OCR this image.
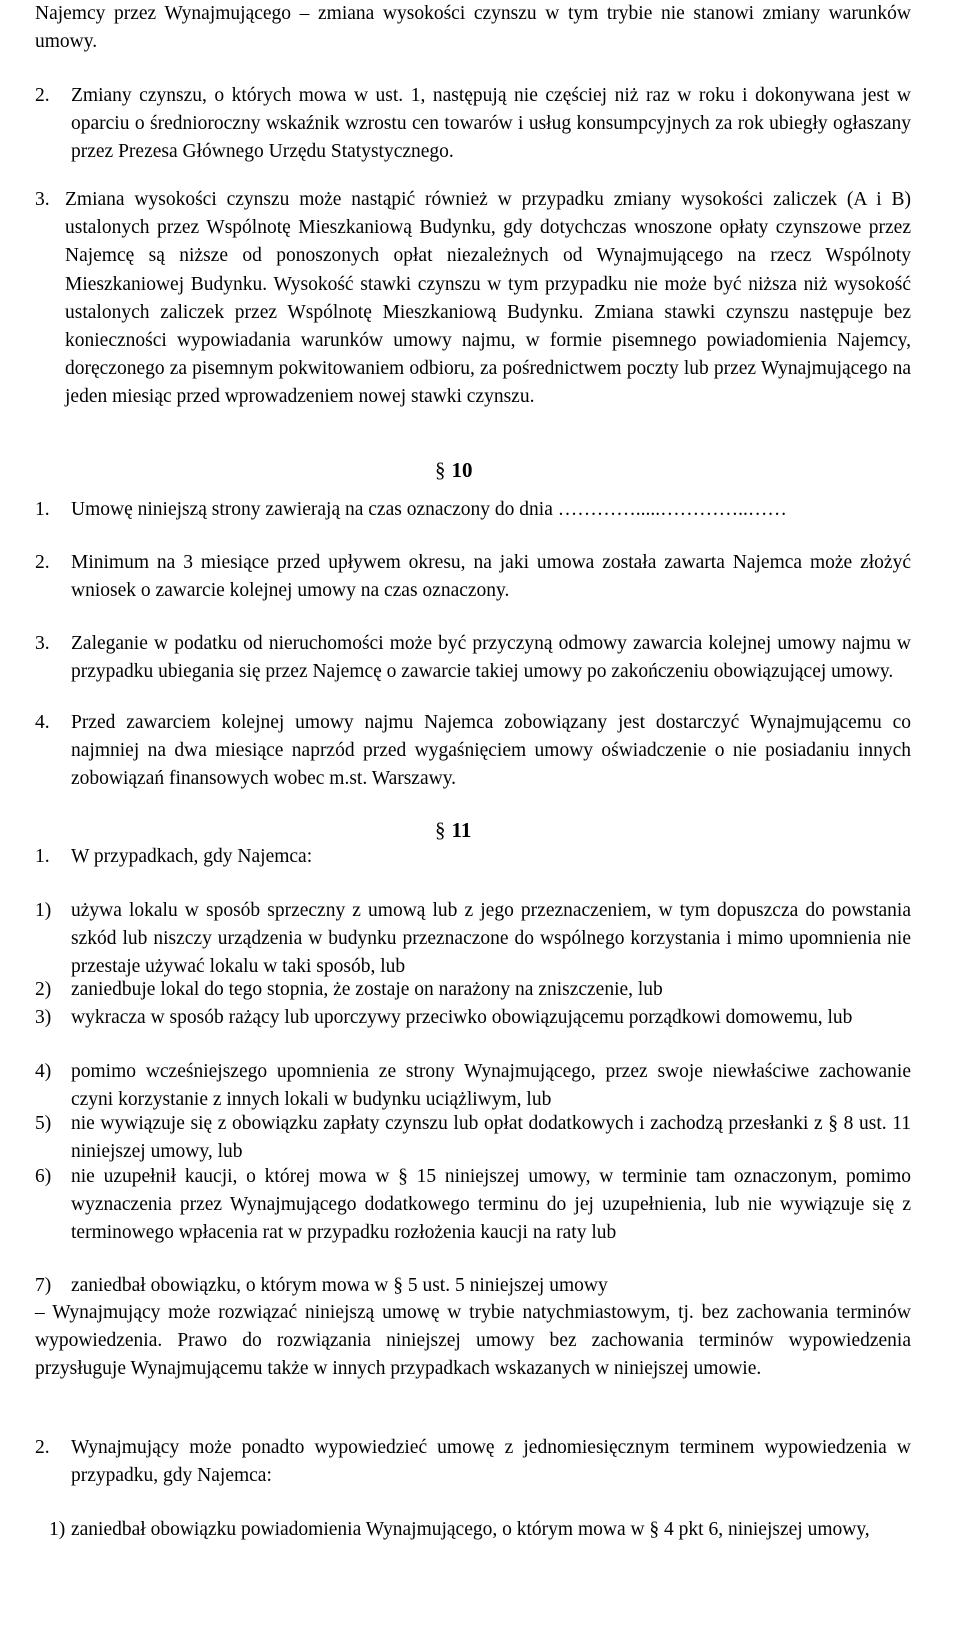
Najemcy przez Wynajmującego – zmiana wysokości czynszu w tym trybie nie stanowi zmiany warunków umowy.
2. Zmiany czynszu, o których mowa w ust. 1, następują nie częściej niż raz w roku i dokonywana jest w oparciu o średnioroczny wskaźnik wzrostu cen towarów i usług konsumpcyjnych za rok ubiegły ogłaszany przez Prezesa Głównego Urzędu Statystycznego.
3. Zmiana wysokości czynszu może nastąpić również w przypadku zmiany wysokości zaliczek (A i B) ustalonych przez Wspólnotę Mieszkaniową Budynku, gdy dotychczas wnoszone opłaty czynszowe przez Najemcę są niższe od ponoszonych opłat niezależnych od Wynajmującego na rzecz Wspólnoty Mieszkaniowej Budynku. Wysokość stawki czynszu w tym przypadku nie może być niższa niż wysokość ustalonych zaliczek przez Wspólnotę Mieszkaniową Budynku. Zmiana stawki czynszu następuje bez konieczności wypowiadania warunków umowy najmu, w formie pisemnego powiadomienia Najemcy, doręczonego za pisemnym pokwitowaniem odbioru, za pośrednictwem poczty lub przez Wynajmującego na jeden miesiąc przed wprowadzeniem nowej stawki czynszu.
§ 10
1. Umowę niniejszą strony zawierają na czas oznaczony do dnia ………….....…………..……
2. Minimum na 3 miesiące przed upływem okresu, na jaki umowa została zawarta Najemca może złożyć wniosek o zawarcie kolejnej umowy na czas oznaczony.
3. Zaleganie w podatku od nieruchomości może być przyczyną odmowy zawarcia kolejnej umowy najmu w przypadku ubiegania się przez Najemcę o zawarcie takiej umowy po zakończeniu obowiązującej umowy.
4. Przed zawarciem kolejnej umowy najmu Najemca zobowiązany jest dostarczyć Wynajmującemu co najmniej na dwa miesiące naprzód przed wygaśnięciem umowy oświadczenie o nie posiadaniu innych zobowiązań finansowych wobec m.st. Warszawy.
§ 11
1. W przypadkach, gdy Najemca:
1) używa lokalu w sposób sprzeczny z umową lub z jego przeznaczeniem, w tym dopuszcza do powstania szkód lub niszczy urządzenia w budynku przeznaczone do wspólnego korzystania i mimo upomnienia nie przestaje używać lokalu w taki sposób, lub
2) zaniedbuje lokal do tego stopnia, że zostaje on narażony na zniszczenie, lub
3) wykracza w sposób rażący lub uporczywy przeciwko obowiązującemu porządkowi domowemu, lub
4) pomimo wcześniejszego upomnienia ze strony Wynajmującego, przez swoje niewłaściwe zachowanie czyni korzystanie z innych lokali w budynku uciążliwym, lub
5) nie wywiązuje się z obowiązku zapłaty czynszu lub opłat dodatkowych i zachodzą przesłanki z § 8 ust. 11 niniejszej umowy, lub
6) nie uzupełnił kaucji, o której mowa w § 15 niniejszej umowy, w terminie tam oznaczonym, pomimo wyznaczenia przez Wynajmującego dodatkowego terminu do jej uzupełnienia, lub nie wywiązuje się z terminowego wpłacenia rat w przypadku rozłożenia kaucji na raty lub
7) zaniedbał obowiązku, o którym mowa w § 5 ust. 5 niniejszej umowy
– Wynajmujący może rozwiązać niniejszą umowę w trybie natychmiastowym, tj. bez zachowania terminów wypowiedzenia. Prawo do rozwiązania niniejszej umowy bez zachowania terminów wypowiedzenia przysługuje Wynajmującemu także w innych przypadkach wskazanych w niniejszej umowie.
2. Wynajmujący może ponadto wypowiedzieć umowę z jednomiesięcznym terminem wypowiedzenia w przypadku, gdy Najemca:
1) zaniedbał obowiązku powiadomienia Wynajmującego, o którym mowa w § 4 pkt 6, niniejszej umowy,
